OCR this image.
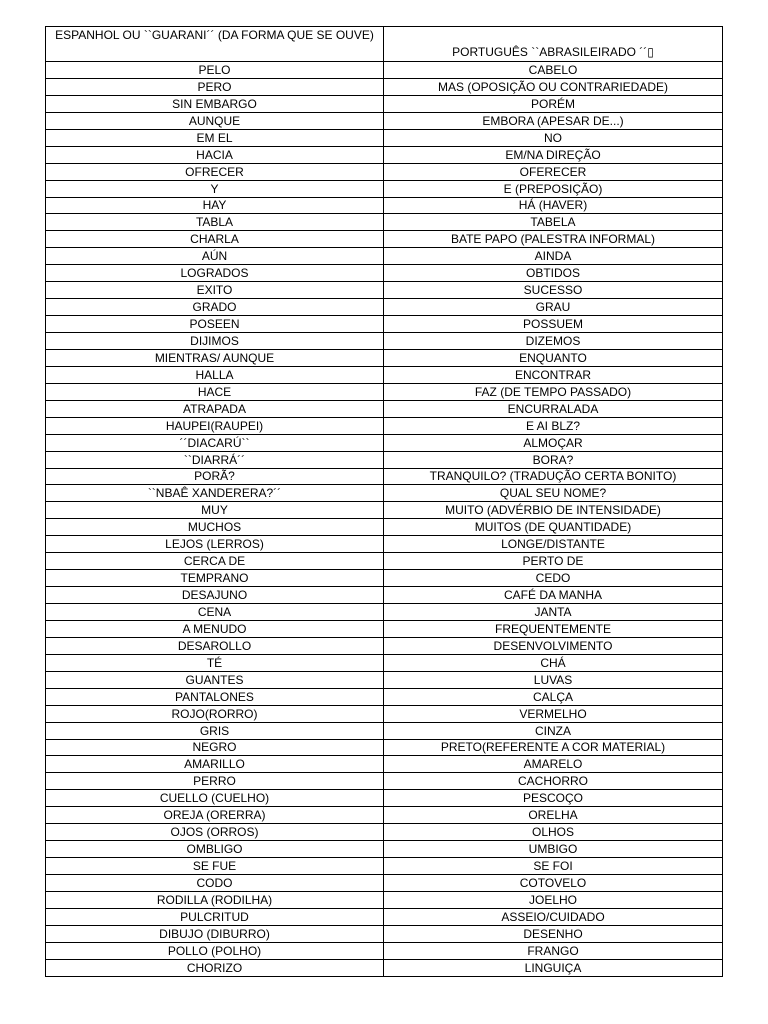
ESPANHOL OU ``GUARANI´´ (DA FORMA QUE SE OUVE)	PORTUGUÊS ``ABRASILEIRADO ´´▯
PELO	CABELO
PERO	MAS (OPOSIÇÃO OU CONTRARIEDADE)
SIN EMBARGO	PORÉM
AUNQUE	EMBORA (APESAR DE...)
EM EL	NO
HACIA	EM/NA DIREÇÃO
OFRECER	OFERECER
Y	E (PREPOSIÇÃO)
HAY	HÁ (HAVER)
TABLA	TABELA
CHARLA	BATE PAPO (PALESTRA INFORMAL)
AÚN	AINDA
LOGRADOS	OBTIDOS
EXITO	SUCESSO
GRADO	GRAU
POSEEN	POSSUEM
DIJIMOS	DIZEMOS
MIENTRAS/ AUNQUE	ENQUANTO
HALLA	ENCONTRAR
HACE	FAZ (DE TEMPO PASSADO)
ATRAPADA	ENCURRALADA
HAUPEI(RAUPEI)	E AI BLZ?
´´DIACARÚ``	ALMOÇAR
``DIARRÁ´´	BORA?
PORÃ?	TRANQUILO? (TRADUÇÃO CERTA BONITO)
``NBAÊ XANDERERA?´´	QUAL SEU NOME?
MUY	MUITO (ADVÉRBIO DE INTENSIDADE)
MUCHOS	MUITOS (DE QUANTIDADE)
LEJOS (LERROS)	LONGE/DISTANTE
CERCA DE	PERTO DE
TEMPRANO	CEDO
DESAJUNO	CAFÉ DA MANHA
CENA	JANTA
A MENUDO	FREQUENTEMENTE
DESAROLLO	DESENVOLVIMENTO
TÉ	CHÁ
GUANTES	LUVAS
PANTALONES	CALÇA
ROJO(RORRO)	VERMELHO
GRIS	CINZA
NEGRO	PRETO(REFERENTE A COR MATERIAL)
AMARILLO	AMARELO
PERRO	CACHORRO
CUELLO (CUELHO)	PESCOÇO
OREJA (ORERRA)	ORELHA
OJOS (ORROS)	OLHOS
OMBLIGO	UMBIGO
SE FUE	SE FOI
CODO	COTOVELO
RODILLA (RODILHA)	JOELHO
PULCRITUD	ASSEIO/CUIDADO
DIBUJO (DIBURRO)	DESENHO
POLLO (POLHO)	FRANGO
CHORIZO	LINGUIÇA
